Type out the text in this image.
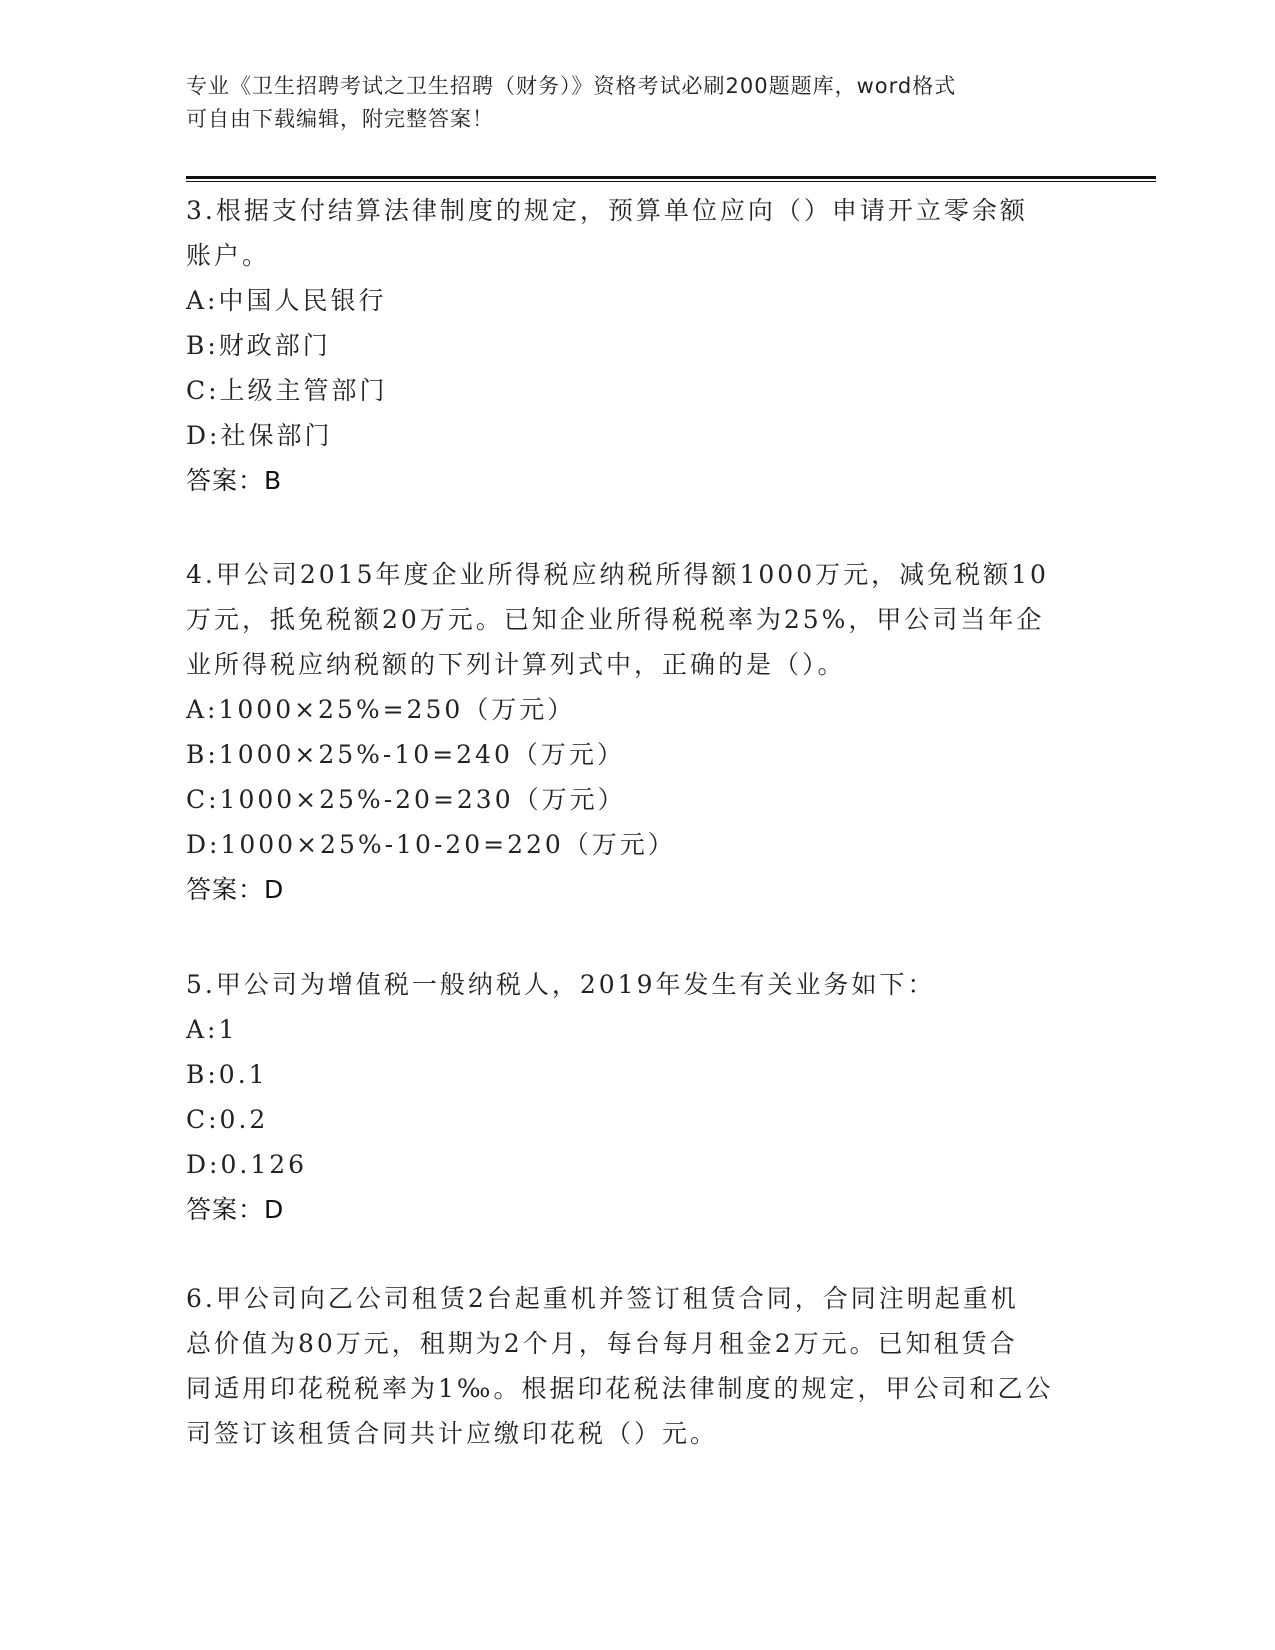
专业《卫生招聘考试之卫生招聘（财务）》资格考试必刷200题题库，word格式
可自由下载编辑，附完整答案！

3.根据支付结算法律制度的规定，预算单位应向（）申请开立零余额

账户。

A:中国人民银行

B:财政部门

C:上级主管部门

D:社保部门

答案：B

4.甲公司2015年度企业所得税应纳税所得额1000万元，减免税额10

万元，抵免税额20万元。已知企业所得税税率为25%，甲公司当年企

业所得税应纳税额的下列计算列式中，正确的是（）。

A:1000×25%=250（万元）

B:1000×25%-10=240（万元）

C:1000×25%-20=230（万元）

D:1000×25%-10-20=220（万元）

答案：D

5.甲公司为增值税一般纳税人，2019年发生有关业务如下：

A:1

B:0.1

C:0.2

D:0.126

答案：D

6.甲公司向乙公司租赁2台起重机并签订租赁合同，合同注明起重机

总价值为80万元，租期为2个月，每台每月租金2万元。已知租赁合

同适用印花税税率为1‰。根据印花税法律制度的规定，甲公司和乙公

司签订该租赁合同共计应缴印花税（）元。
